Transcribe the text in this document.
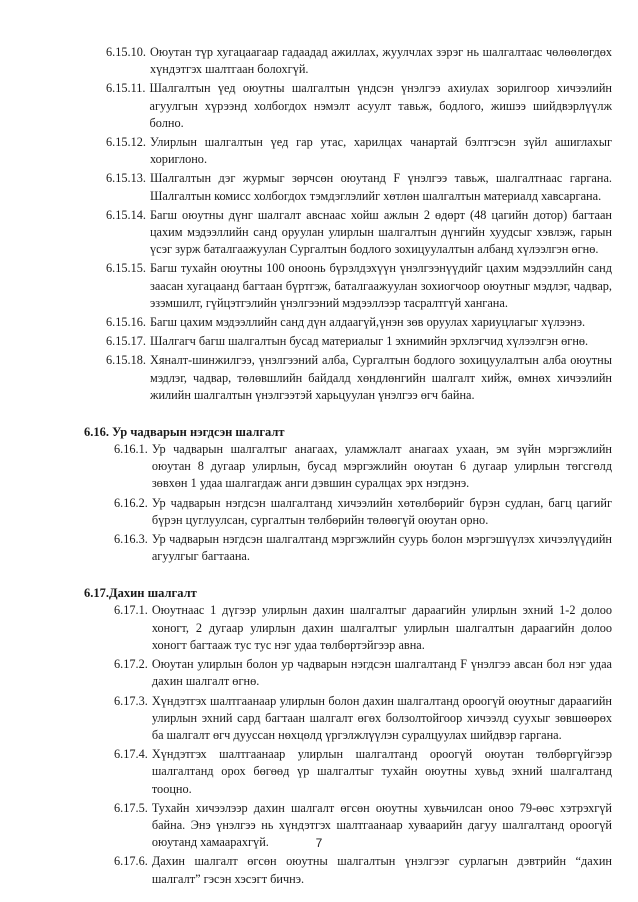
6.15.10. Оюутан түр хугацаагаар гадаадад ажиллах, жуулчлах зэрэг нь шалгалтаас чөлөөлөгдөх хүндэтгэх шалтгаан болохгүй.
6.15.11. Шалгалтын үед оюутны шалгалтын үндсэн үнэлгээ ахиулах зорилгоор хичээлийн агуулгын хүрээнд холбогдох нэмэлт асуулт тавьж, бодлого, жишээ шийдвэрлүүлж болно.
6.15.12. Улирлын шалгалтын үед гар утас, харилцах чанартай бэлтгэсэн зүйл ашиглахыг хориглоно.
6.15.13. Шалгалтын дэг журмыг зөрчсөн оюутанд F үнэлгээ тавьж, шалгалтнаас гаргана. Шалгалтын комисс холбогдох тэмдэглэлийг хөтлөн шалгалтын материалд хавсаргана.
6.15.14. Багш оюутны дүнг шалгалт авснаас хойш ажлын 2 өдөрт (48 цагийн дотор) багтаан цахим мэдээллийн санд оруулан улирлын шалгалтын дүнгийн хуудсыг хэвлэж, гарын үсэг зурж баталгаажуулан Сургалтын бодлого зохицуулалтын албанд хүлээлгэн өгнө.
6.15.15. Багш тухайн оюутны 100 оноонь бүрэлдэхүүн үнэлгээнүүдийг цахим мэдээллийн санд зааcан хугацаанд багтаан бүртгэж, баталгаажуулан зохиогчоор оюутныг мэдлэг, чадвар, эзэмшилт, гүйцэтгэлийн үнэлгээний мэдээллээр тасралтгүй хангана.
6.15.16. Багш цахим мэдээллийн санд дүн алдаагүй,үнэн зөв оруулах хариуцлагыг хүлээнэ.
6.15.17. Шалгагч багш шалгалтын бусад материалыг 1 эхнимийн эрхлэгчид хүлээлгэн өгнө.
6.15.18. Хяналт-шинжилгээ, үнэлгээний алба, Сургалтын бодлого зохицуулалтын алба оюутны мэдлэг, чадвар, төлөвшлийн байдалд хөндлөнгийн шалгалт хийж, өмнөх хичээлийн жилийн шалгалтын үнэлгээтэй харьцуулан үнэлгээ өгч байна.
6.16. Ур чадварын нэгдсэн шалгалт
6.16.1. Ур чадварын шалгалтыг анагаах, уламжлалт анагаах ухаан, эм зүйн мэргэжлийн оюутан 8 дугаар улирлын, бусад мэргэжлийн оюутан 6 дугаар улирлын төгсгөлд зөвхөн 1 удаа шалгагдаж анги дэвшин суралцах эрх нэгдэнэ.
6.16.2. Ур чадварын нэгдсэн шалгалтанд хичээлийн хөтөлбөрийг бүрэн судлан, багц цагийг бүрэн цуглуулсан, сургалтын төлбөрийн төлөөгүй оюутан орно.
6.16.3. Ур чадварын нэгдсэн шалгалтанд мэргэжлийн суурь болон мэргэшүүлэх хичээлүүдийн агуулгыг багтаана.
6.17.Дахин шалгалт
6.17.1. Оюутнаас 1 дүгээр улирлын дахин шалгалтыг дараагийн улирлын эхний 1-2 долоо хоногт, 2 дугаар улирлын дахин шалгалтыг улирлын шалгалтын дараагийн долоо хоногт багтааж тус тус нэг удаа төлбөртэйгээр авна.
6.17.2. Оюутан улирлын болон ур чадварын нэгдсэн шалгалтанд F үнэлгээ авсан бол нэг удаа дахин шалгалт өгнө.
6.17.3. Хүндэтгэх шалтгаанаар улирлын болон дахин шалгалтанд ороогүй оюутныг дараагийн улирлын эхний сард багтаан шалгалт өгөх болзолтойгоор хичээлд суухыг зөвшөөрөх ба шалгалт өгч дууссан нөхцөлд үргэлжлүүлэн суралцуулах шийдвэр гаргана.
6.17.4. Хүндэтгэх шалтгаанаар улирлын шалгалтанд ороогүй оюутан төлбөргүйгээр шалгалтанд орох бөгөөд үр шалгалтыг тухайн оюутны хувьд эхний шалгалтанд тооцно.
6.17.5. Тухайн хичээлээр дахин шалгалт өгсөн оюутны хувьчилсан оноо 79-өөс хэтрэхгүй байна. Энэ үнэлгээ нь хүндэтгэх шалтгаанаар хуваарийн дагуу шалгалтанд ороогүй оюутанд хамаарахгүй.
6.17.6. Дахин шалгалт өгсөн оюутны шалгалтын үнэлгээг сурлагын дэвтрийн “дахин шалгалт” гэсэн хэсэгт бичнэ.
7
